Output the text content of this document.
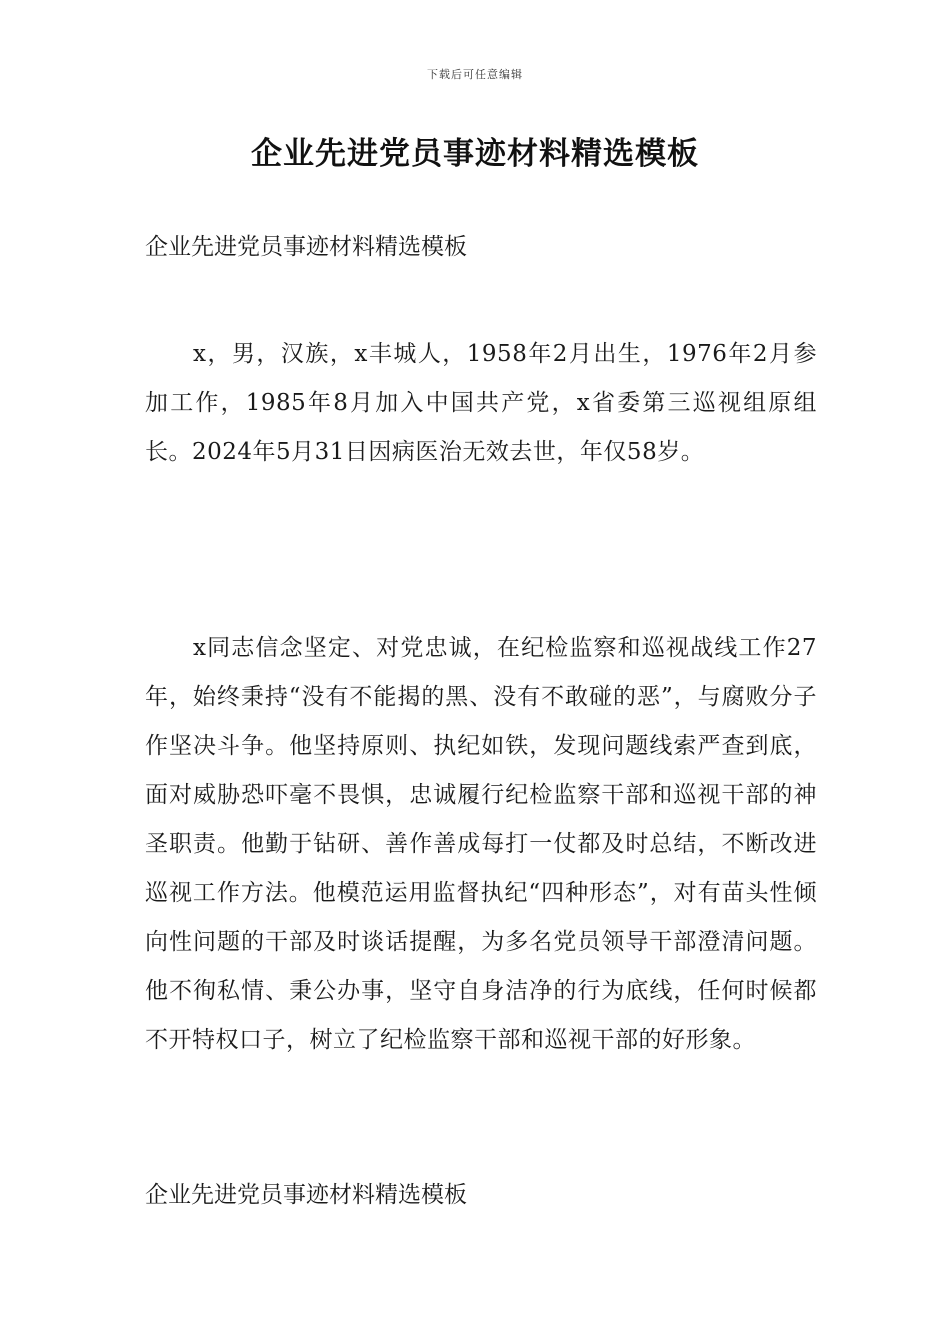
下载后可任意编辑
企业先进党员事迹材料精选模板

企业先进党员事迹材料精选模板

x，男，汉族，x丰城人，1958年2月出生，1976年2月参加工作，1985年8月加入中国共产党，x省委第三巡视组原组长。2024年5月31日因病医治无效去世，年仅58岁。

x同志信念坚定、对党忠诚，在纪检监察和巡视战线工作27年，始终秉持“没有不能揭的黑、没有不敢碰的恶”，与腐败分子作坚决斗争。他坚持原则、执纪如铁，发现问题线索严查到底，面对威胁恐吓毫不畏惧，忠诚履行纪检监察干部和巡视干部的神圣职责。他勤于钻研、善作善成每打一仗都及时总结，不断改进巡视工作方法。他模范运用监督执纪“四种形态”，对有苗头性倾向性问题的干部及时谈话提醒，为多名党员领导干部澄清问题。他不徇私情、秉公办事，坚守自身洁净的行为底线，任何时候都不开特权口子，树立了纪检监察干部和巡视干部的好形象。

企业先进党员事迹材料精选模板
